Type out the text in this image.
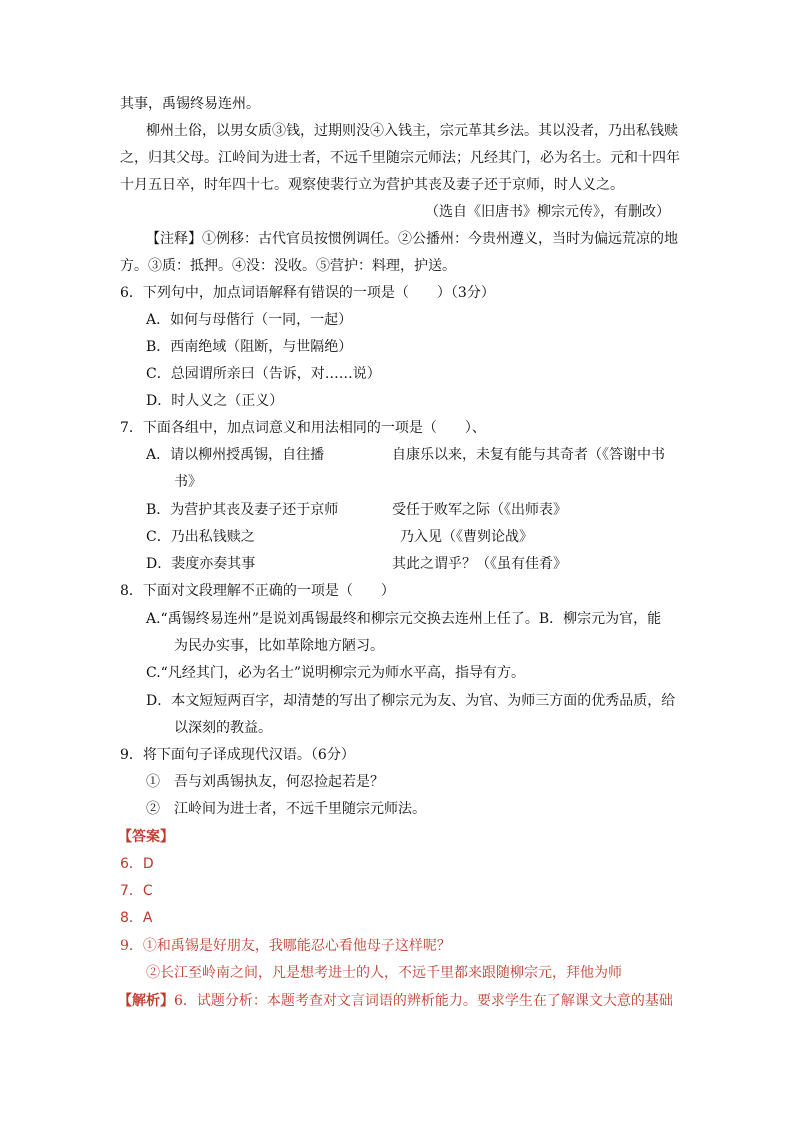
其事，禹锡终易连州。
柳州土俗，以男女质③钱，过期则没④入钱主，宗元革其乡法。其以没者，乃出私钱赎
之，归其父母。江岭间为进士者，不远千里随宗元师法；凡经其门，必为名士。元和十四年
十月五日卒，时年四十七。观察使裴行立为营护其丧及妻子还于京师，时人义之。
（选自《旧唐书》柳宗元传》，有删改）
【注释】①例移：古代官员按惯例调任。②公播州：今贵州遵义，当时为偏远荒凉的地
方。③质：抵押。④没：没收。⑤营护：料理，护送。
6．下列句中，加点词语解释有错误的一项是（　　）（3分）
A．如何与母偕行（一同，一起）
B．西南绝域（阻断，与世隔绝）
C．总园谓所亲曰（告诉，对……说）
D．时人义之（正义）
7．下面各组中，加点词意义和用法相同的一项是（　　）、
A．请以柳州授禹锡，自往播	自康乐以来，未复有能与其奇者（《答谢中书
书》
B．为营护其丧及妻子还于京师	受任于败军之际（《出师表》
C．乃出私钱赎之	乃入见（《曹刿论战》
D．裴度亦奏其事	其此之谓乎？（《虽有佳肴》
8．下面对文段理解不正确的一项是（　　）
A.“禹锡终易连州”是说刘禹锡最终和柳宗元交换去连州上任了。B．柳宗元为官，能
为民办实事，比如革除地方陋习。
C.“凡经其门，必为名士”说明柳宗元为师水平高，指导有方。
D．本文短短两百字，却清楚的写出了柳宗元为友、为官、为师三方面的优秀品质，给
以深刻的教益。
9．将下面句子译成现代汉语。（6分）
①　吾与刘禹锡执友，何忍捡起若是？
②　江岭间为进士者，不远千里随宗元师法。
【答案】
6．D
7．C
8．A
9．①和禹锡是好朋友，我哪能忍心看他母子这样呢？
②长江至岭南之间，凡是想考进士的人，不远千里都来跟随柳宗元，拜他为师
【解析】6．试题分析：本题考查对文言词语的辨析能力。要求学生在了解课文大意的基础
